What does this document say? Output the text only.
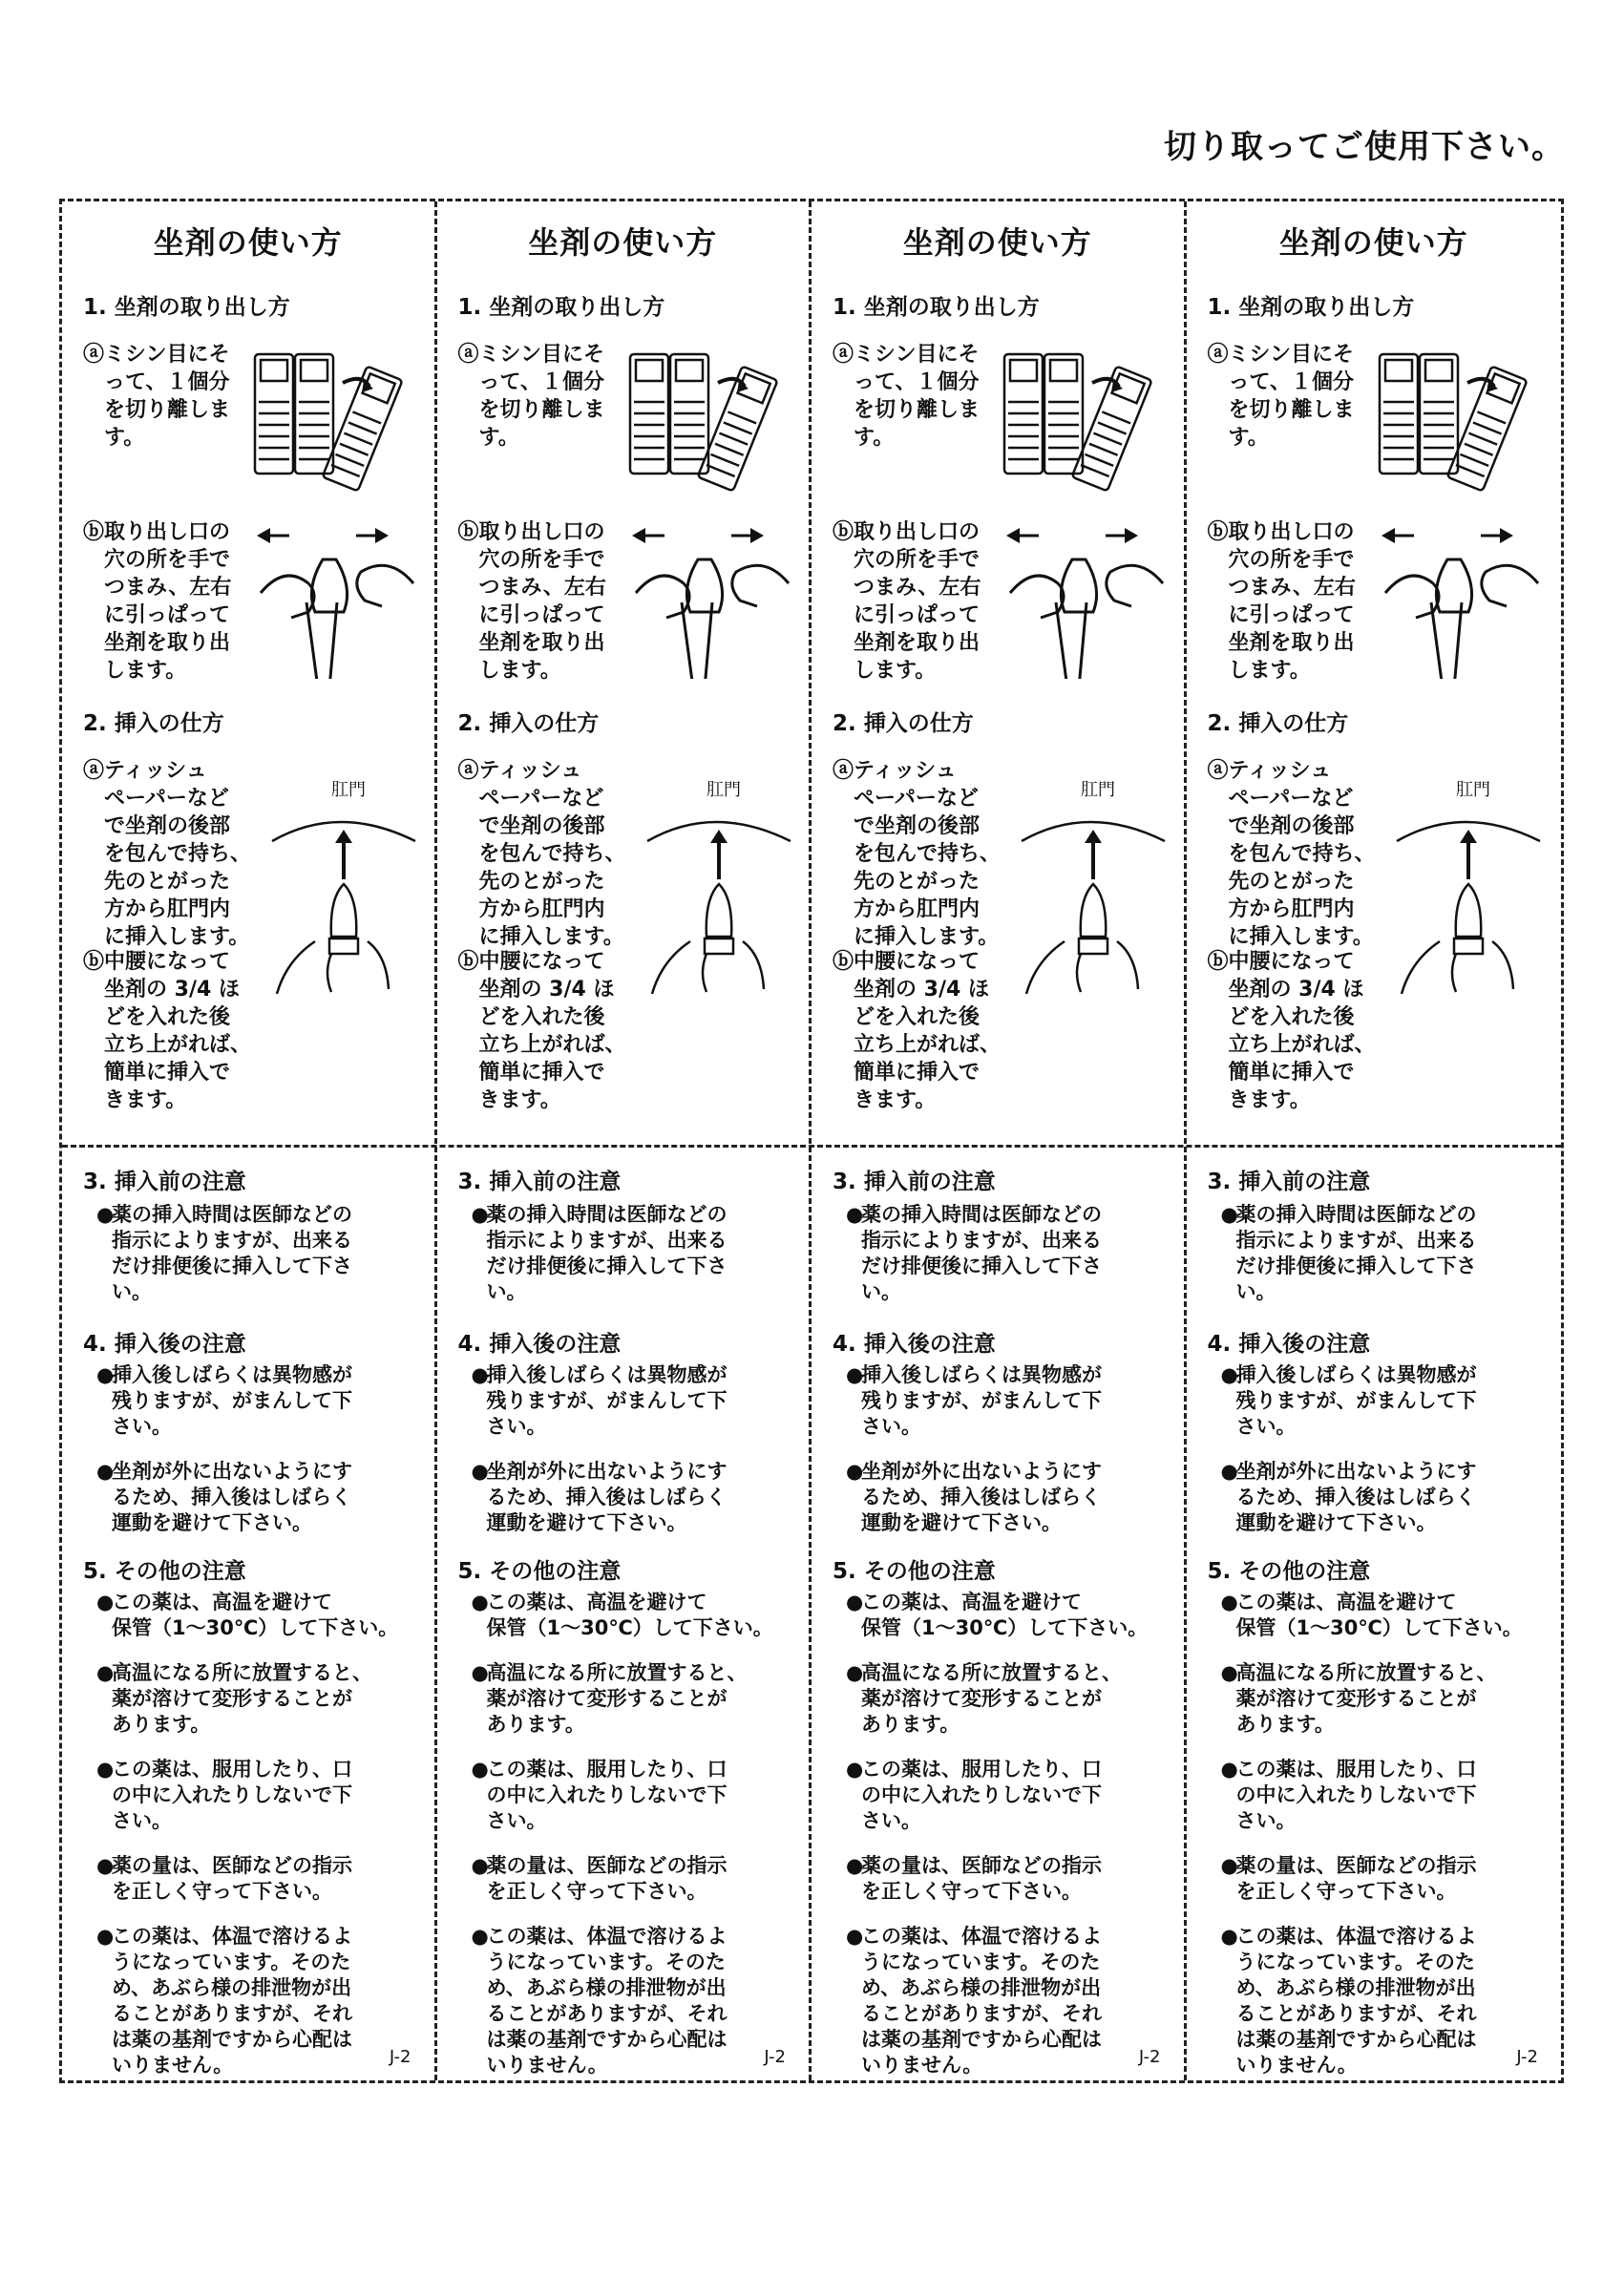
切り取ってご使用下さい。
坐剤の使い方
1. 坐剤の取り出し方
ⓐミシン目にそ
　って、１個分
　を切り離しま
　す。
ⓑ取り出し口の
　穴の所を手で
　つまみ、左右
　に引っぱって
　坐剤を取り出
　します。
2. 挿入の仕方
ⓐティッシュ
　ペーパーなど
　で坐剤の後部
　を包んで持ち、
　先のとがった
　方から肛門内
　に挿入します。
肛門
ⓑ中腰になって
　坐剤の 3/4 ほ
　どを入れた後
　立ち上がれば、
　簡単に挿入で
　きます。
3. 挿入前の注意
●
薬の挿入時間は医師などの
指示によりますが、出来る
だけ排便後に挿入して下さ
い。
4. 挿入後の注意
●
挿入後しばらくは異物感が
残りますが、がまんして下
さい。
●
坐剤が外に出ないようにす
るため、挿入後はしばらく
運動を避けて下さい。
5. その他の注意
●
この薬は、高温を避けて
保管（1～30℃）して下さい。
●
高温になる所に放置すると、
薬が溶けて変形することが
あります。
●
この薬は、服用したり、口
の中に入れたりしないで下
さい。
●
薬の量は、医師などの指示
を正しく守って下さい。
●
この薬は、体温で溶けるよ
うになっています。そのた
め、あぶら様の排泄物が出
ることがありますが、それ
は薬の基剤ですから心配は
いりません。	J-2
坐剤の使い方
1. 坐剤の取り出し方
ⓐミシン目にそ
　って、１個分
　を切り離しま
　す。
ⓑ取り出し口の
　穴の所を手で
　つまみ、左右
　に引っぱって
　坐剤を取り出
　します。
2. 挿入の仕方
ⓐティッシュ
　ペーパーなど
　で坐剤の後部
　を包んで持ち、
　先のとがった
　方から肛門内
　に挿入します。
肛門
ⓑ中腰になって
　坐剤の 3/4 ほ
　どを入れた後
　立ち上がれば、
　簡単に挿入で
　きます。
3. 挿入前の注意
●
薬の挿入時間は医師などの
指示によりますが、出来る
だけ排便後に挿入して下さ
い。
4. 挿入後の注意
●
挿入後しばらくは異物感が
残りますが、がまんして下
さい。
●
坐剤が外に出ないようにす
るため、挿入後はしばらく
運動を避けて下さい。
5. その他の注意
●
この薬は、高温を避けて
保管（1～30℃）して下さい。
●
高温になる所に放置すると、
薬が溶けて変形することが
あります。
●
この薬は、服用したり、口
の中に入れたりしないで下
さい。
●
薬の量は、医師などの指示
を正しく守って下さい。
●
この薬は、体温で溶けるよ
うになっています。そのた
め、あぶら様の排泄物が出
ることがありますが、それ
は薬の基剤ですから心配は
いりません。	J-2
坐剤の使い方
1. 坐剤の取り出し方
ⓐミシン目にそ
　って、１個分
　を切り離しま
　す。
ⓑ取り出し口の
　穴の所を手で
　つまみ、左右
　に引っぱって
　坐剤を取り出
　します。
2. 挿入の仕方
ⓐティッシュ
　ペーパーなど
　で坐剤の後部
　を包んで持ち、
　先のとがった
　方から肛門内
　に挿入します。
肛門
ⓑ中腰になって
　坐剤の 3/4 ほ
　どを入れた後
　立ち上がれば、
　簡単に挿入で
　きます。
3. 挿入前の注意
●
薬の挿入時間は医師などの
指示によりますが、出来る
だけ排便後に挿入して下さ
い。
4. 挿入後の注意
●
挿入後しばらくは異物感が
残りますが、がまんして下
さい。
●
坐剤が外に出ないようにす
るため、挿入後はしばらく
運動を避けて下さい。
5. その他の注意
●
この薬は、高温を避けて
保管（1～30℃）して下さい。
●
高温になる所に放置すると、
薬が溶けて変形することが
あります。
●
この薬は、服用したり、口
の中に入れたりしないで下
さい。
●
薬の量は、医師などの指示
を正しく守って下さい。
●
この薬は、体温で溶けるよ
うになっています。そのた
め、あぶら様の排泄物が出
ることがありますが、それ
は薬の基剤ですから心配は
いりません。	J-2
坐剤の使い方
1. 坐剤の取り出し方
ⓐミシン目にそ
　って、１個分
　を切り離しま
　す。
ⓑ取り出し口の
　穴の所を手で
　つまみ、左右
　に引っぱって
　坐剤を取り出
　します。
2. 挿入の仕方
ⓐティッシュ
　ペーパーなど
　で坐剤の後部
　を包んで持ち、
　先のとがった
　方から肛門内
　に挿入します。
肛門
ⓑ中腰になって
　坐剤の 3/4 ほ
　どを入れた後
　立ち上がれば、
　簡単に挿入で
　きます。
3. 挿入前の注意
●
薬の挿入時間は医師などの
指示によりますが、出来る
だけ排便後に挿入して下さ
い。
4. 挿入後の注意
●
挿入後しばらくは異物感が
残りますが、がまんして下
さい。
●
坐剤が外に出ないようにす
るため、挿入後はしばらく
運動を避けて下さい。
5. その他の注意
●
この薬は、高温を避けて
保管（1～30℃）して下さい。
●
高温になる所に放置すると、
薬が溶けて変形することが
あります。
●
この薬は、服用したり、口
の中に入れたりしないで下
さい。
●
薬の量は、医師などの指示
を正しく守って下さい。
●
この薬は、体温で溶けるよ
うになっています。そのた
め、あぶら様の排泄物が出
ることがありますが、それ
は薬の基剤ですから心配は
いりません。	J-2
